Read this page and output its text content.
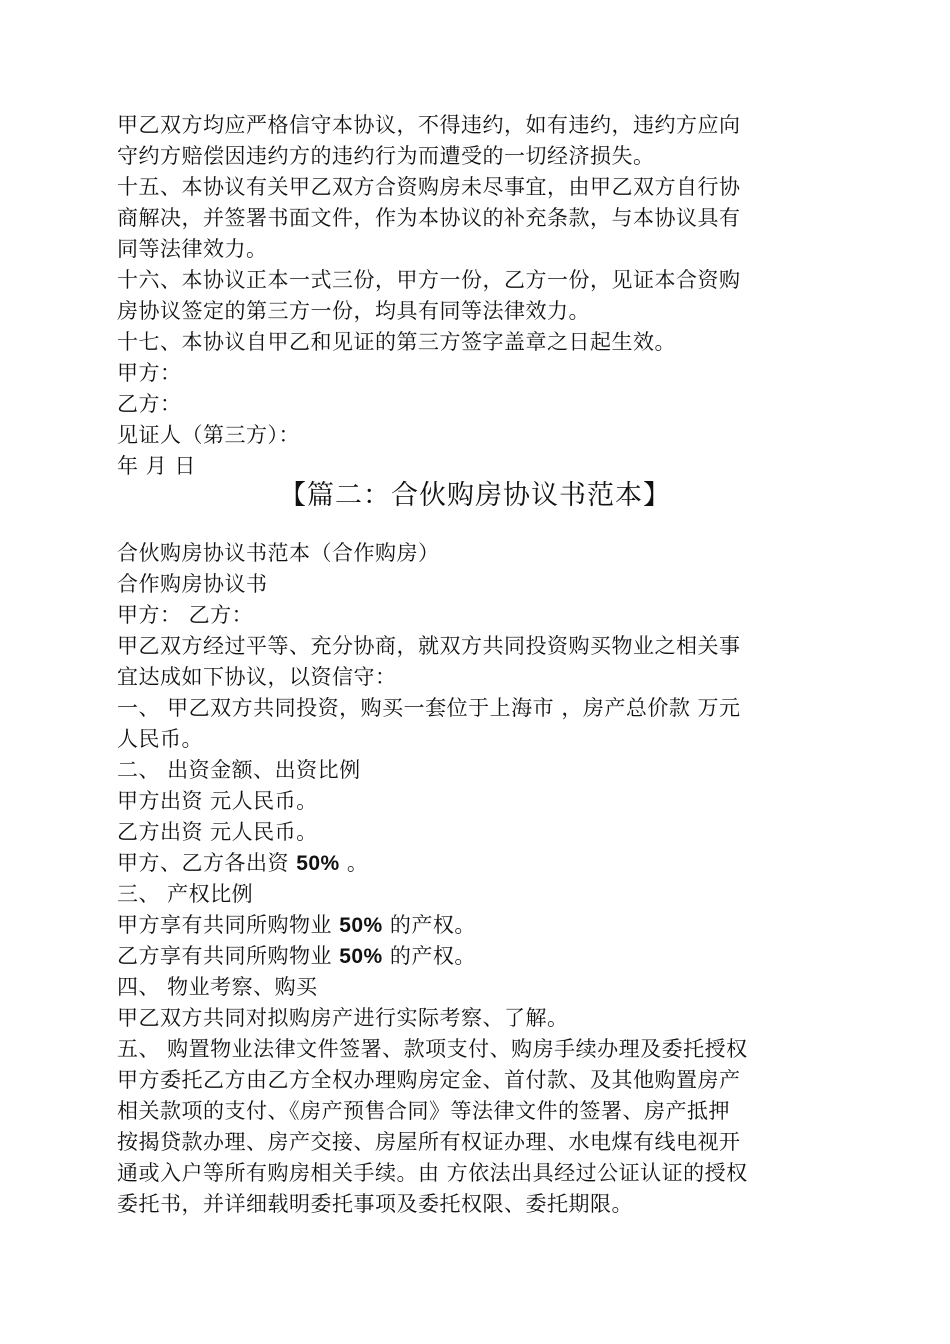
甲乙双方均应严格信守本协议，不得违约，如有违约，违约方应向
守约方赔偿因违约方的违约行为而遭受的一切经济损失。
十五、本协议有关甲乙双方合资购房未尽事宜，由甲乙双方自行协
商解决，并签署书面文件，作为本协议的补充条款，与本协议具有
同等法律效力。
十六、本协议正本一式三份，甲方一份，乙方一份，见证本合资购
房协议签定的第三方一份，均具有同等法律效力。
十七、本协议自甲乙和见证的第三方签字盖章之日起生效。
甲方：
乙方：
见证人（第三方）：
年 月 日
【篇二：合伙购房协议书范本】
合伙购房协议书范本（合作购房）
合作购房协议书
甲方： 乙方：
甲乙双方经过平等、充分协商，就双方共同投资购买物业之相关事
宜达成如下协议，以资信守：
一、 甲乙双方共同投资，购买一套位于上海市 ，房产总价款 万元
人民币。
二、 出资金额、出资比例
甲方出资 元人民币。
乙方出资 元人民币。
甲方、乙方各出资 50% 。
三、 产权比例
甲方享有共同所购物业 50% 的产权。
乙方享有共同所购物业 50% 的产权。
四、 物业考察、购买
甲乙双方共同对拟购房产进行实际考察、了解。
五、 购置物业法律文件签署、款项支付、购房手续办理及委托授权
甲方委托乙方由乙方全权办理购房定金、首付款、及其他购置房产
相关款项的支付、《房产预售合同》等法律文件的签署、房产抵押
按揭贷款办理、房产交接、房屋所有权证办理、水电煤有线电视开
通或入户等所有购房相关手续。由 方依法出具经过公证认证的授权
委托书，并详细载明委托事项及委托权限、委托期限。
